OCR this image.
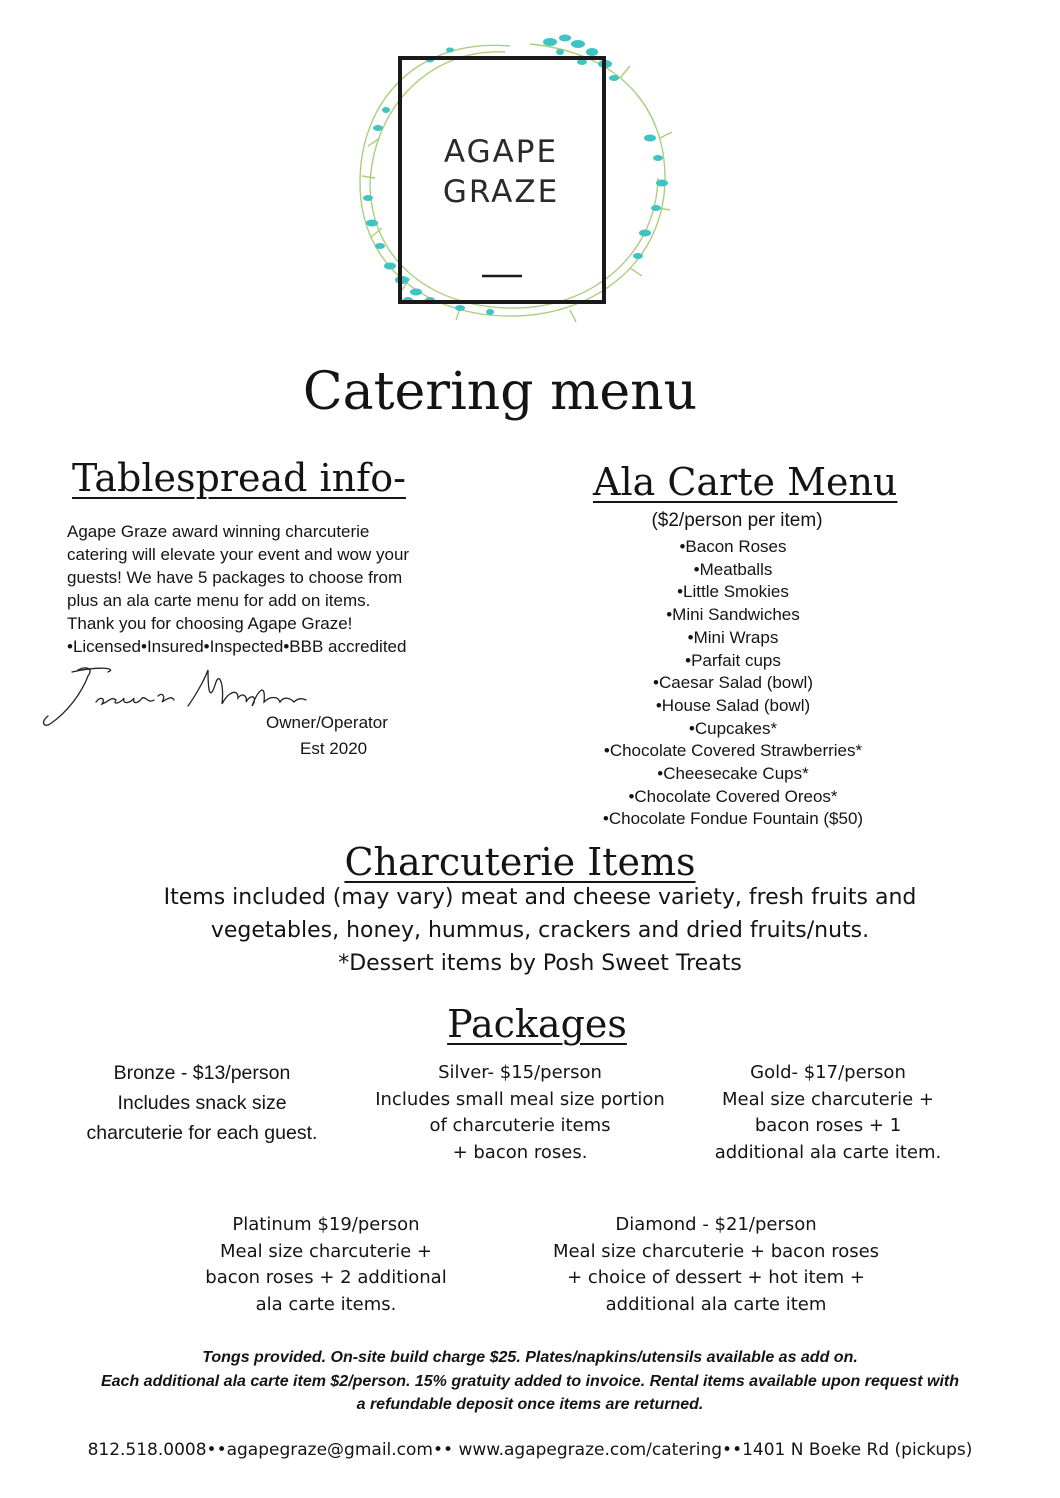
AGAPE
GRAZE
Catering menu
Tablespread info-

Agape Graze award winning charcuterie

catering will elevate your event and wow your

guests! We have 5 packages to choose from

plus an ala carte menu for add on items.

Thank you for choosing Agape Graze!

•Licensed•Insured•Inspected•BBB accredited

Owner/Operator
Est 2020
Ala Carte Menu
($2/person per item)
•Bacon Roses
•Meatballs
•Little Smokies
•Mini Sandwiches
•Mini Wraps
•Parfait cups
•Caesar Salad (bowl)
•House Salad (bowl)
•Cupcakes*
•Chocolate Covered Strawberries*
•Cheesecake Cups*
•Chocolate Covered Oreos*
•Chocolate Fondue Fountain ($50)
Charcuterie Items
Items included (may vary) meat and cheese variety, fresh fruits and
vegetables, honey, hummus, crackers and dried fruits/nuts.
*Dessert items by Posh Sweet Treats
Packages
Bronze - $13/person
Includes snack size
charcuterie for each guest.
Silver- $15/person
Includes small meal size portion
of charcuterie items
+ bacon roses.
Gold- $17/person
Meal size charcuterie +
bacon roses + 1
additional ala carte item.
Platinum $19/person
Meal size charcuterie +
bacon roses + 2 additional
ala carte items.
Diamond - $21/person
Meal size charcuterie + bacon roses
+ choice of dessert + hot item +
additional ala carte item
Tongs provided. On-site build charge $25. Plates/napkins/utensils available as add on.
Each additional ala carte item $2/person. 15% gratuity added to invoice. Rental items available upon request with
a refundable deposit once items are returned.
812.518.0008••agapegraze@gmail.com•• www.agapegraze.com/catering••1401 N Boeke Rd (pickups)
